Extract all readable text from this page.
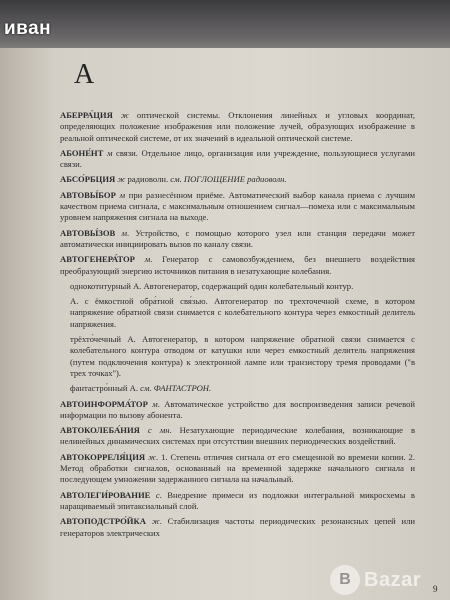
иван
А
АБЕРРА́ЦИЯ ж оптической системы. Отклонения линейных и угловых координат, определяющих положение изображения или положение лучей, образующих изображение в реальной оптической системе, от их значений в идеальной оптической системе.
АБОНЕ́НТ м связи. Отдельное лицо, организация или учреждение, пользующиеся услугами связи.
АБСО́РБЦИЯ ж радиоволн. см. ПОГЛОЩЕНИЕ радиоволн.
АВТОВЫ́БОР м при разнесённом приёме. Автоматический выбор канала приема с лучшим качеством приема сигнала, с максимальным отношением сигнал—помеха или с максимальным уровнем напряжения сигнала на выходе.
АВТОВЫ́ЗОВ м. Устройство, с помощью которого узел или станция передачи может автоматически инициировать вызов по каналу связи.
АВТОГЕНЕРА́ТОР м. Генератор с самовозбуждением, без внешнего воздействия преобразующий энергию источников питания в незатухающие колебания.
однокотнтурный А. Автогенератор, содержащий один колебательный контур.
А. с ёмкостной обра́тной свя́зью. Автогенератор по трехточечной схеме, в котором напряжение обратной связи снимается с колебательного контура через емкостный делитель напряжения.
трёхто́чечный А. Автогенератор, в котором напряжение обратной связи снимается с колебательного контура отводом от катушки или через емкостный делитель напряжения (путем подключения контура) к электронной лампе или транзистору тремя проводами ("в трех точках").
фантастро́нный А. см. ФАНТАСТРОН.
АВТОИНФОРМА́ТОР м. Автоматическое устройство для воспроизведения записи речевой информации по вызову абонента.
АВТОКОЛЕБА́НИЯ с мн. Незатухающие периодические колебания, возникающие в нелинейных динамических системах при отсутствии внешних периодических воздействий.
АВТОКОРРЕЛЯ́ЦИЯ ж. 1. Степень отличия сигнала от его смещенной во времени копии. 2. Метод обработки сигналов, основанный на временной задержке начального сигнала и последующем умножении задержанного сигнала на начальный.
АВТОЛЕГИ́РОВАНИЕ с. Внедрение примеси из подложки интегральной микросхемы в наращиваемый эпитаксиальный слой.
АВТОПОДСТРО́ЙКА ж. Стабилизация частоты периодических резонансных цепей или генераторов электрических
9
B Bazar
